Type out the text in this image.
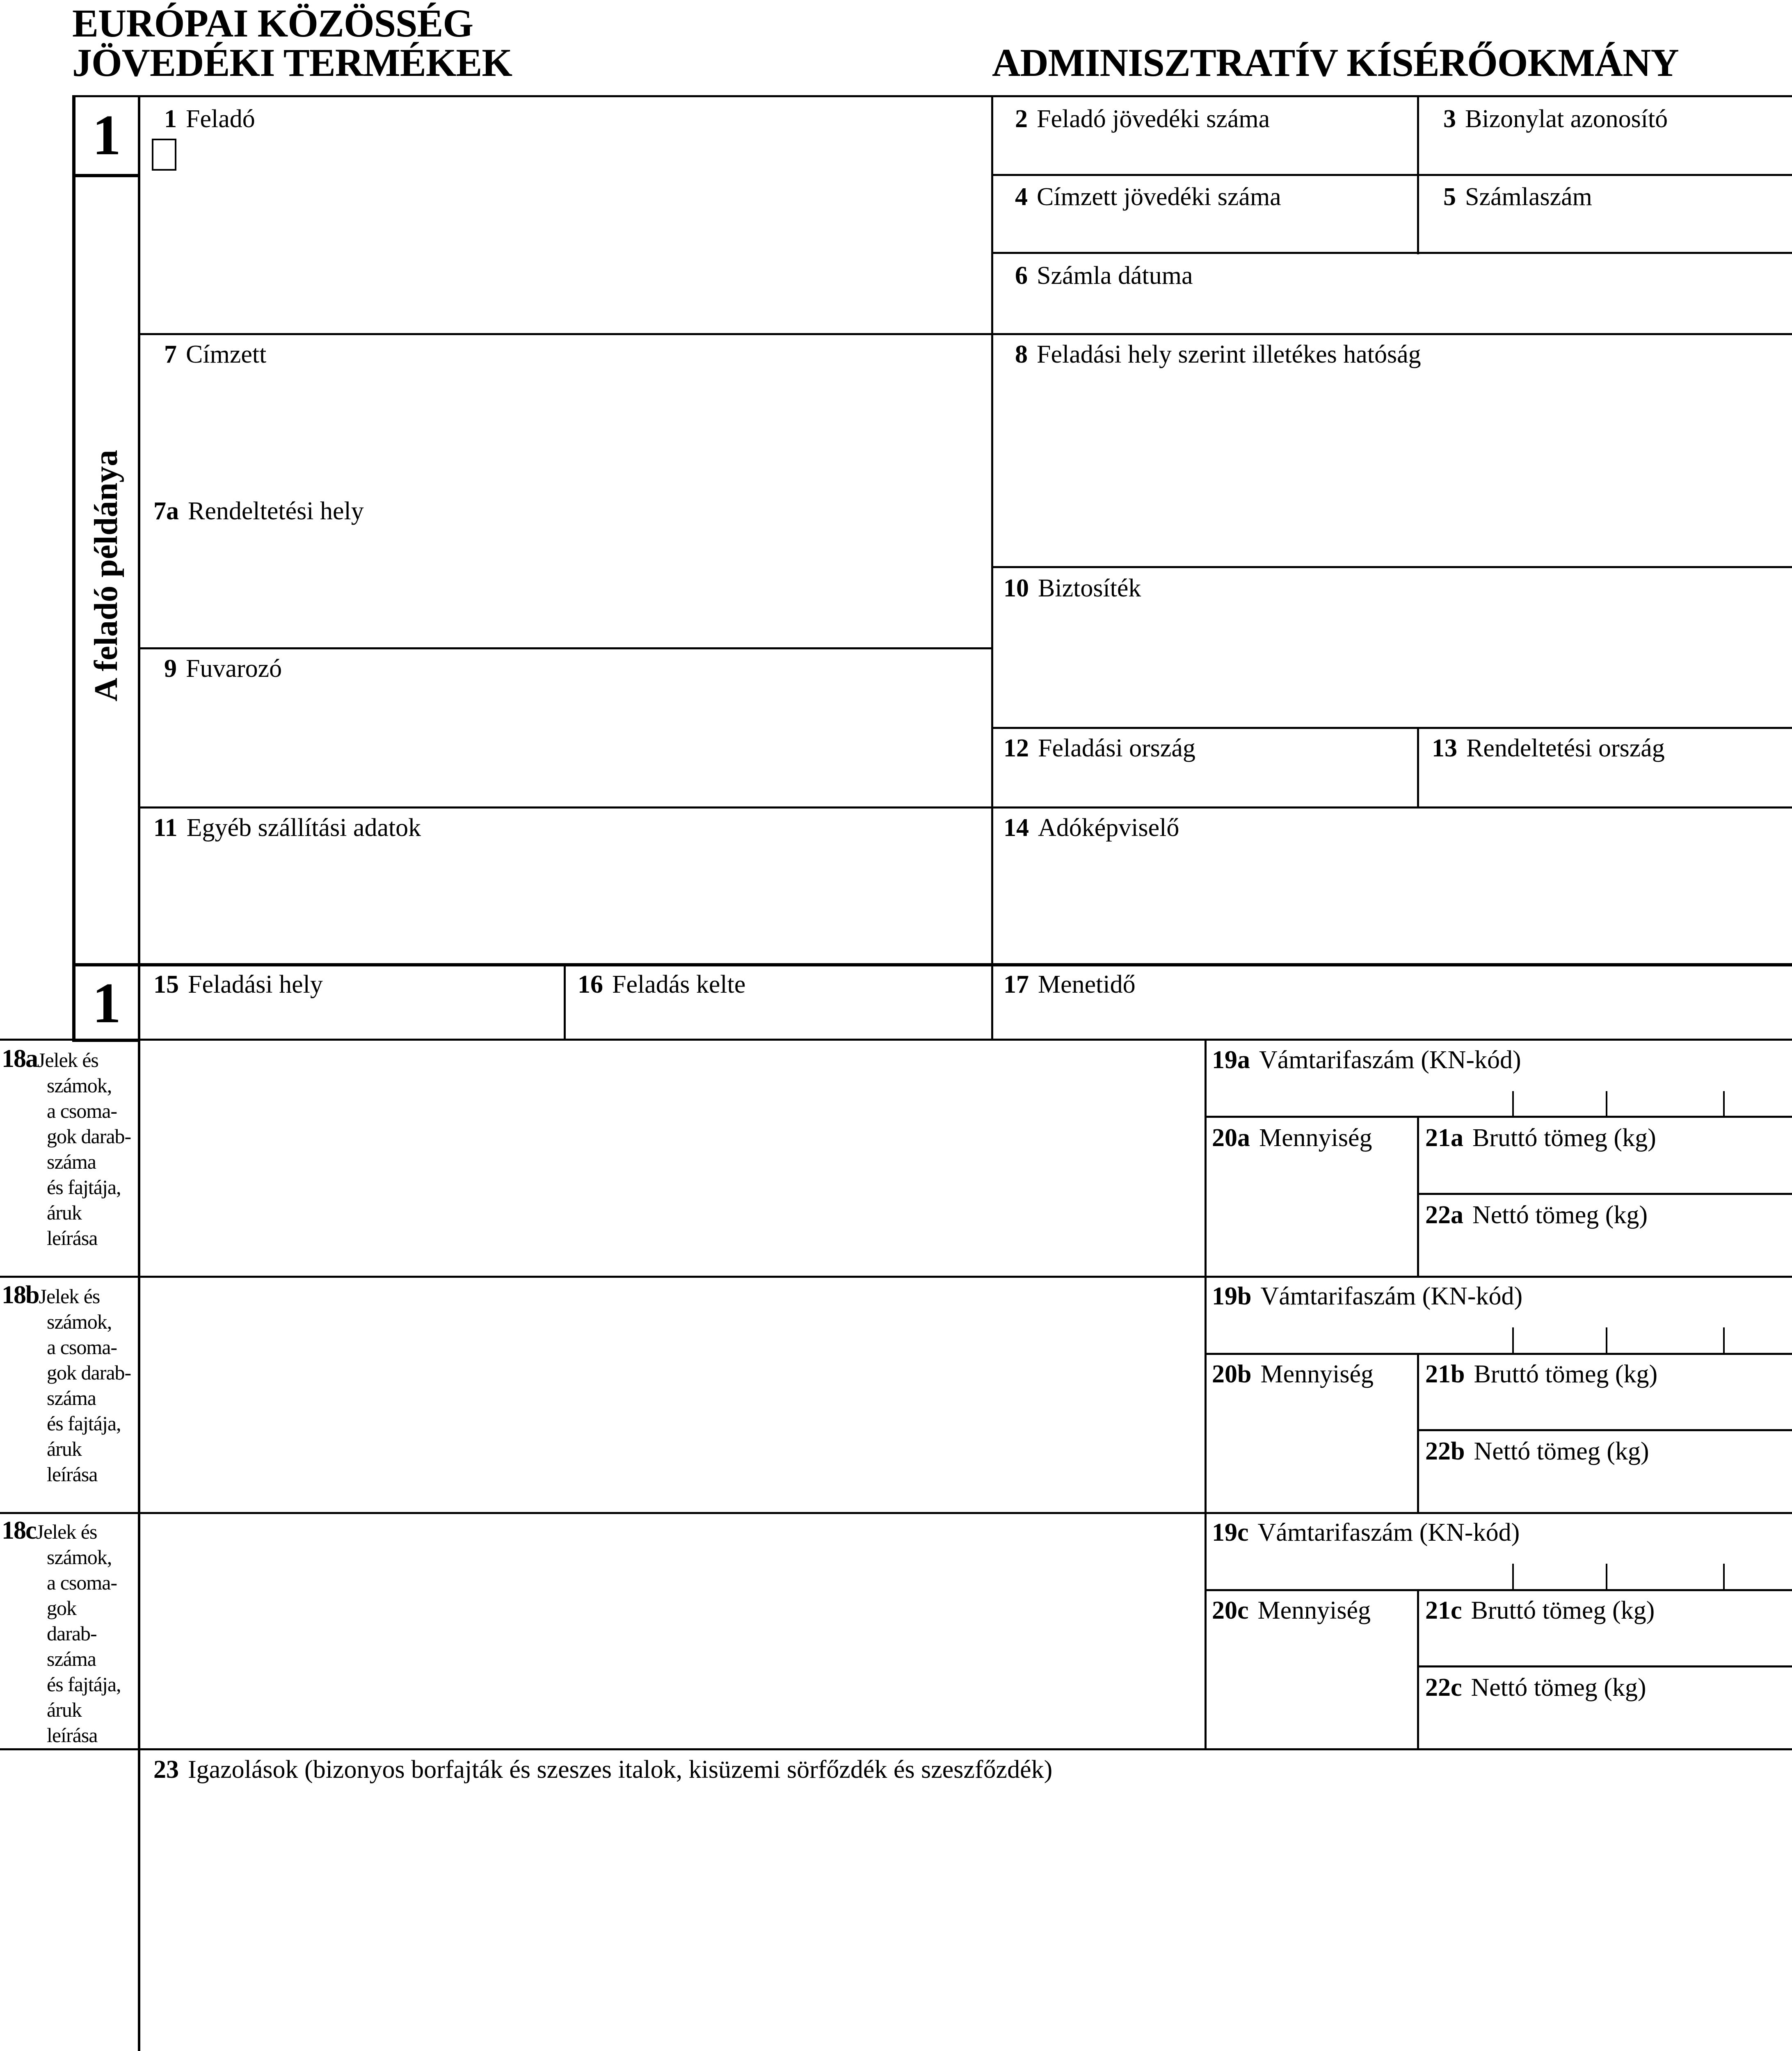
EURÓPAI KÖZÖSSÉG
JÖVEDÉKI TERMÉKEK	ADMINISZTRATÍV KÍSÉRŐOKMÁNY
1
A feladó példánya
1
1 Feladó	2 Feladó jövedéki száma	3 Bizonylat azonosító
4 Címzett jövedéki száma	5 Számlaszám
6 Számla dátuma
7 Címzett
7a Rendeltetési hely
8 Feladási hely szerint illetékes hatóság
9 Fuvarozó
10 Biztosíték
11 Egyéb szállítási adatok
12 Feladási ország	13 Rendeltetési ország
14 Adóképviselő
15 Feladási hely	16 Feladás kelte	17 Menetidő
18aJelek és
számok,
a csoma-
gok darab-
száma
és fajtája,
áruk
leírása
19a Vámtarifaszám (KN-kód)
20a Mennyiség 21a Bruttó tömeg (kg)
22a Nettó tömeg (kg)
18bJelek és
számok,
a csoma-
gok darab-
száma
és fajtája,
áruk
leírása
19b Vámtarifaszám (KN-kód)
20b Mennyiség 21b Bruttó tömeg (kg)
22b Nettó tömeg (kg)
18cJelek és
számok,
a csoma-
gok
darab-
száma
és fajtája,
áruk
leírása
19c Vámtarifaszám (KN-kód)
20c Mennyiség 21c Bruttó tömeg (kg)
22c Nettó tömeg (kg)
23 Igazolások (bizonyos borfajták és szeszes italok, kisüzemi sörfőzdék és szeszfőzdék)
